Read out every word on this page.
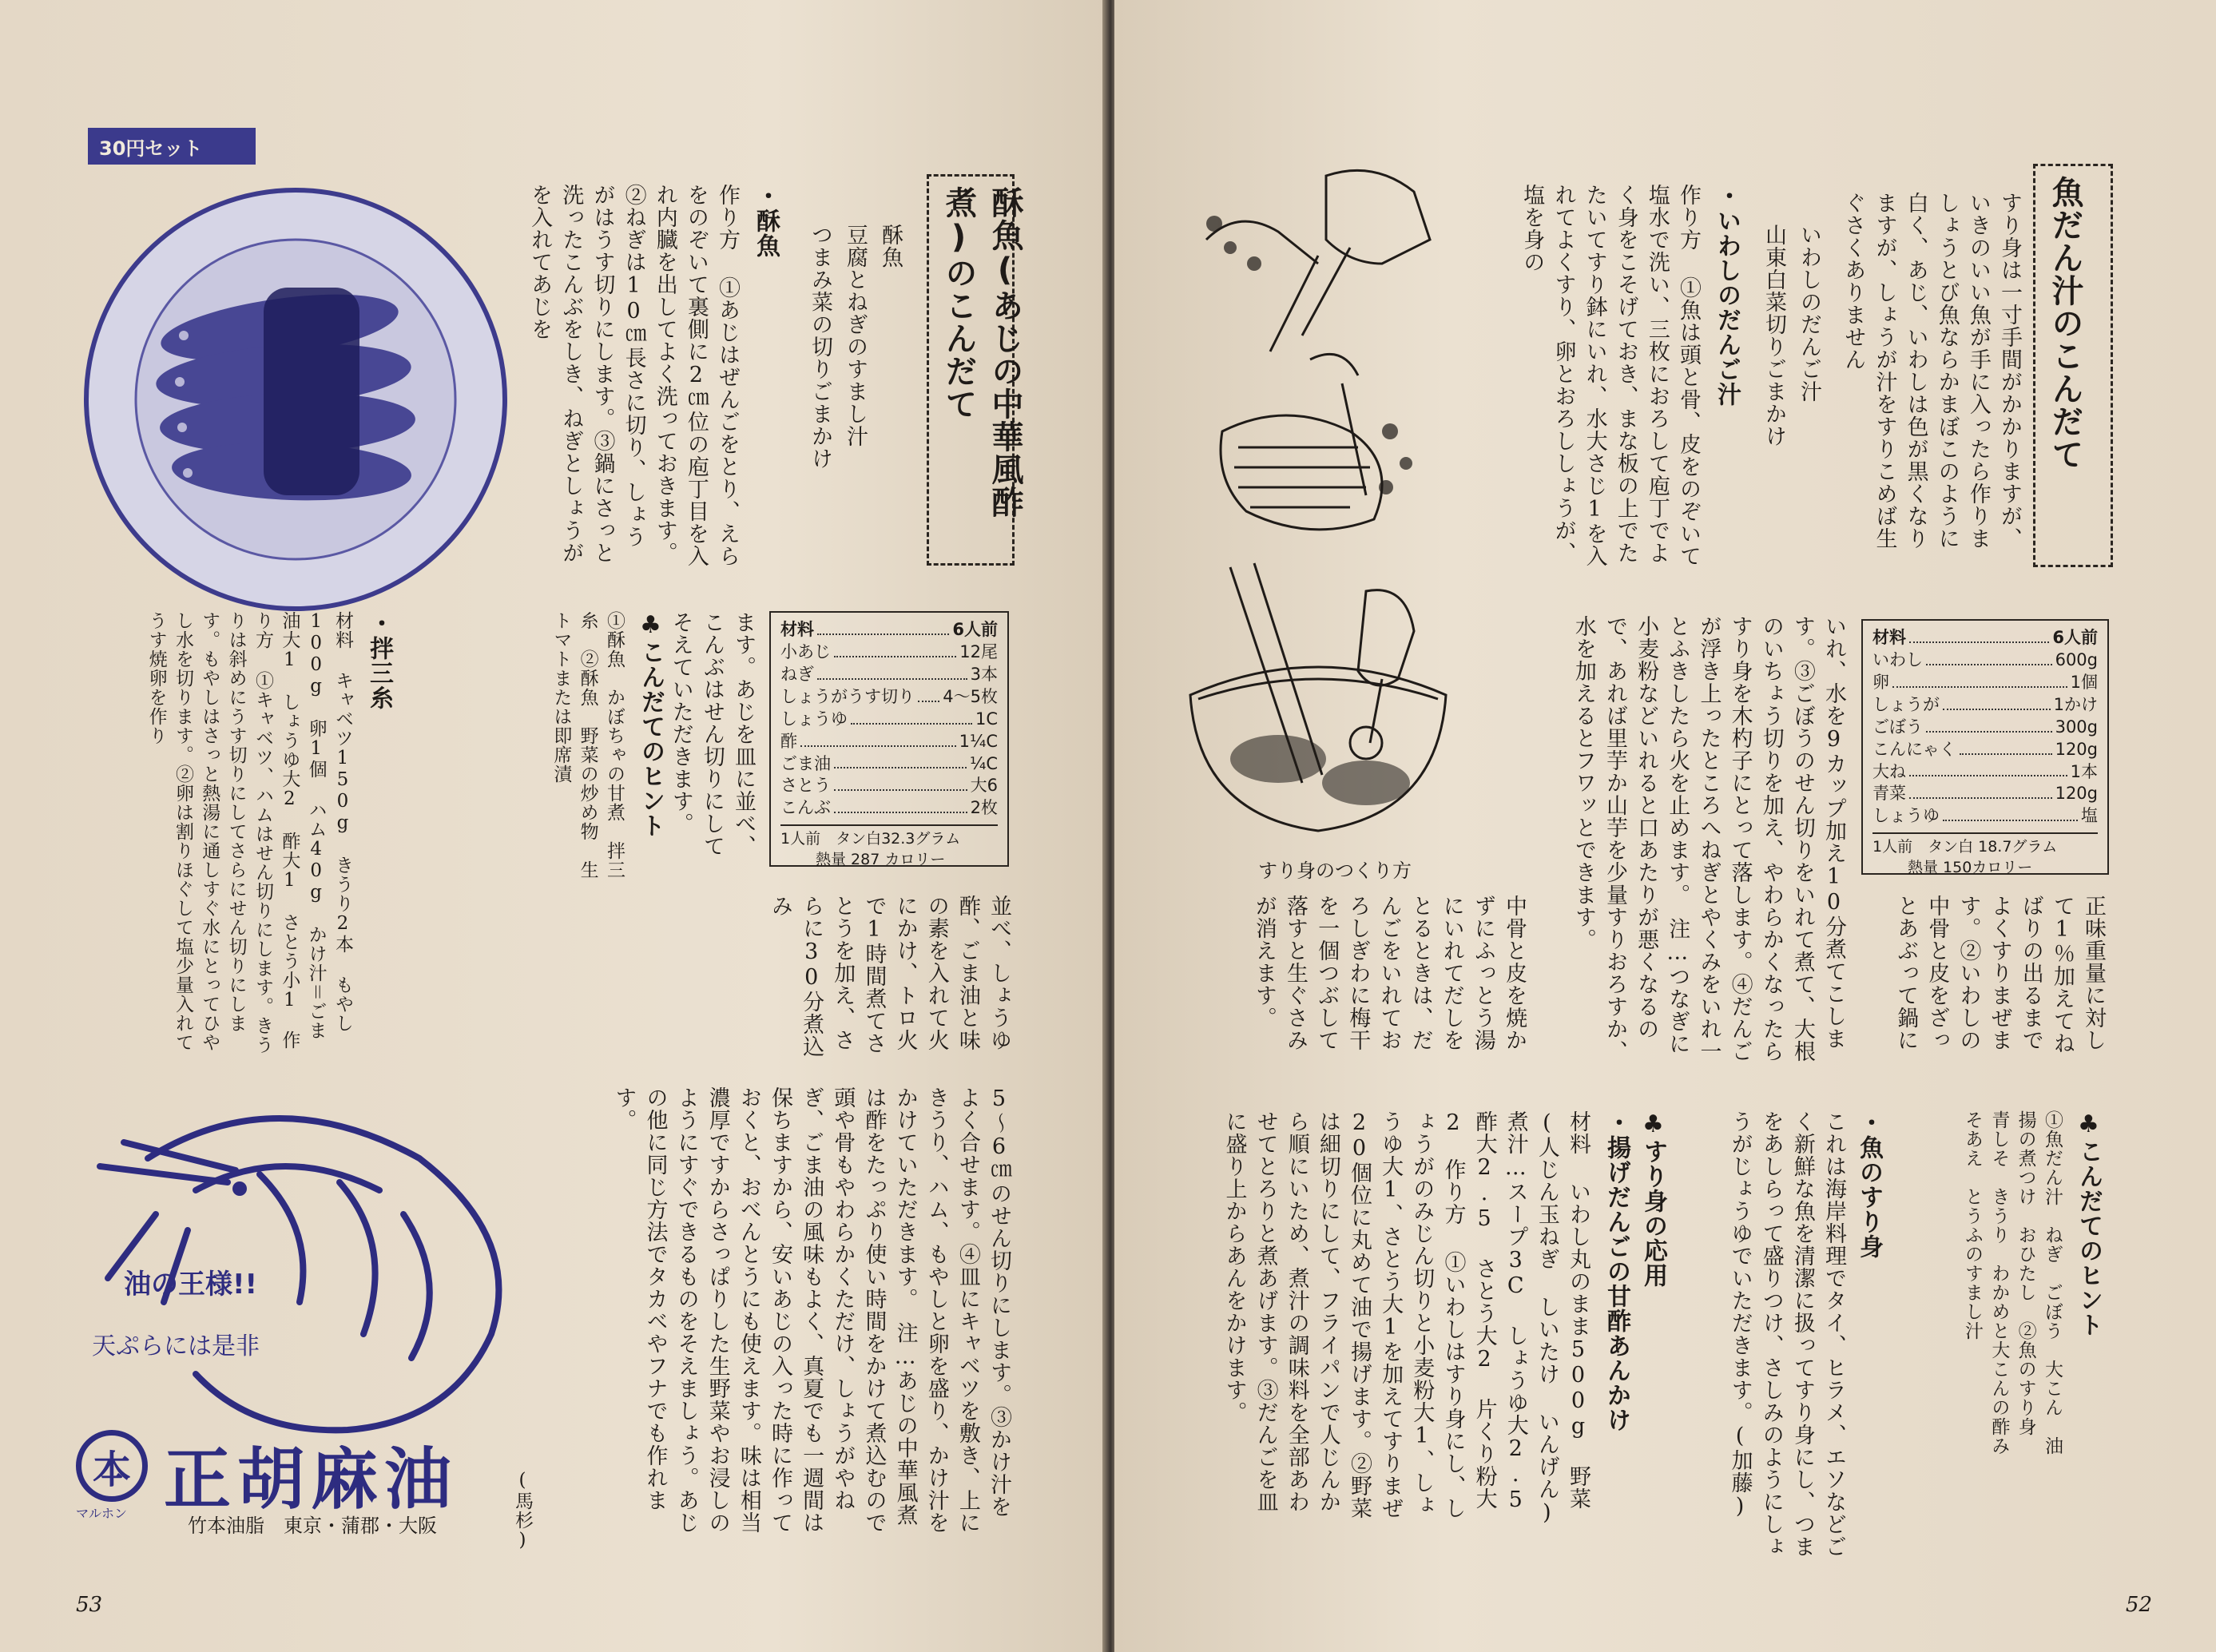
30円セット
酥魚(あじの中華風酢煮)のこんだて
酥魚
豆腐とねぎのすまし汁
つまみ菜の切りごまかけ
・酥魚
作り方 ①あじはぜんごをとり、えらをのぞいて裏側に2㎝位の庖丁目を入れ内臓を出してよく洗っておきます。②ねぎは10㎝長さに切り、しょうがはうす切りにします。③鍋にさっと洗ったこんぶをしき、ねぎとしょうがを入れてあじを
材料	6人前
小あじ	12尾
ねぎ	3本
しょうがうす切り 4〜5枚
しょうゆ	1C
酢	1¼C
ごま油	¼C
さとう	大6
こんぶ	2枚
1人前　タン白32.3グラム
熱量 287 カロリー
ます。あじを皿に並べ、こんぶはせん切りにしてそえていただきます。
♣こんだてのヒント
①酥魚　かぼちゃの甘煮　拌三糸　②酥魚　野菜の炒め物　生トマトまたは即席漬
・拌三糸
材料 キャベツ150g きうり2本 もやし100g 卵1個 ハム40g かけ汁＝ごま油大1 しょうゆ大2 酢大1 さとう小1　作り方 ①キャベツ、ハムはせん切りにします。きうりは斜めにうす切りにしてさらにせん切りにします。もやしはさっと熱湯に通しすぐ水にとってひやし水を切ります。②卵は割りほぐして塩少量入れてうす焼卵を作り
並べ、しょうゆ酢、ごま油と味の素を入れて火にかけ、トロ火で1時間煮てさとうを加え、さらに30分煮込み
5〜6㎝のせん切りにします。③かけ汁をよく合せます。④皿にキャベツを敷き、上にきうり、ハム、もやしと卵を盛り、かけ汁をかけていただきます。　注…あじの中華風煮は酢をたっぷり使い時間をかけて煮込むので頭や骨もやわらかくただけ、しょうがやねぎ、ごま油の風味もよく、真夏でも一週間は保ちますから、安いあじの入った時に作っておくと、おべんとうにも使えます。味は相当濃厚ですからさっぱりした生野菜やお浸しのようにすぐできるものをそえましょう。あじの他に同じ方法でタカベやフナでも作れます。
(馬杉)
油の王様!!
天ぷらには是非
本
マルホン 正胡麻油
竹本油脂　東京・蒲郡・大阪
53
魚だん汁のこんだて
すり身は一寸手間がかかりますが、いきのいい魚が手に入ったら作りましょうとび魚ならかまぼこのように白く、あじ、いわしは色が黒くなりますが、しょうが汁をすりこめば生ぐさくありません
いわしのだんご汁
山東白菜切りごまかけ
・いわしのだんご汁
作り方 ①魚は頭と骨、皮をのぞいて塩水で洗い、三枚におろして庖丁でよく身をこそげておき、まな板の上でたたいてすり鉢にいれ、水大さじ1を入れてよくすり、卵とおろししょうが、塩を身の
すり身のつくり方
材料	6人前
いわし	600g
卵	1個
しょうが	1かけ
ごぼう	300g
こんにゃく	120g
大ね	1本
青菜	120g
しょうゆ	塩
1人前　タン白 18.7グラム
熱量 150カロリー
いれ、水を9カップ加え10分煮てこします。③ごぼうのせん切りをいれて煮て、大根のいちょう切りを加え、やわらかくなったらすり身を木杓子にとって落します。④だんごが浮き上ったところへねぎとやくみをいれ一とふきしたら火を止めます。　注…つなぎに小麦粉などいれると口あたりが悪くなるので、あれば里芋か山芋を少量すりおろすか、水を加えるとフワッとできます。
正味重量に対して1％加えてねばりの出るまでよくすりまぜます。②いわしの中骨と皮をざっとあぶって鍋に
中骨と皮を焼かずにふっとう湯にいれてだしをとるときは、だんごをいれておろしぎわに梅干を一個つぶして落すと生ぐさみが消えます。
♣こんだてのヒント
①魚だん汁　ねぎ　ごぼう　大こん　油揚の煮つけ　おひたし　②魚のすり身　青しそ　きうり　わかめと大こんの酢みそあえ　とうふのすまし汁
・魚のすり身
これは海岸料理でタイ、ヒラメ、エソなどごく新鮮な魚を清潔に扱ってすり身にし、つまをあしらって盛りつけ、さしみのようにしょうがじょうゆでいただきます。(加藤)
♣すり身の応用
・揚げだんごの甘酢あんかけ
材料 いわし丸のまま500g 野菜(人じん玉ねぎ しいたけ いんげん) 煮汁…スープ3C しょうゆ大2.5 酢大2.5 さとう大2 片くり粉大2　作り方 ①いわしはすり身にし、しょうがのみじん切りと小麦粉大1、しょうゆ大1、さとう大1を加えてすりまぜ20個位に丸めて油で揚げます。②野菜は細切りにして、フライパンで人じんから順にいため、煮汁の調味料を全部あわせてとろりと煮あげます。③だんごを皿に盛り上からあんをかけます。
52
